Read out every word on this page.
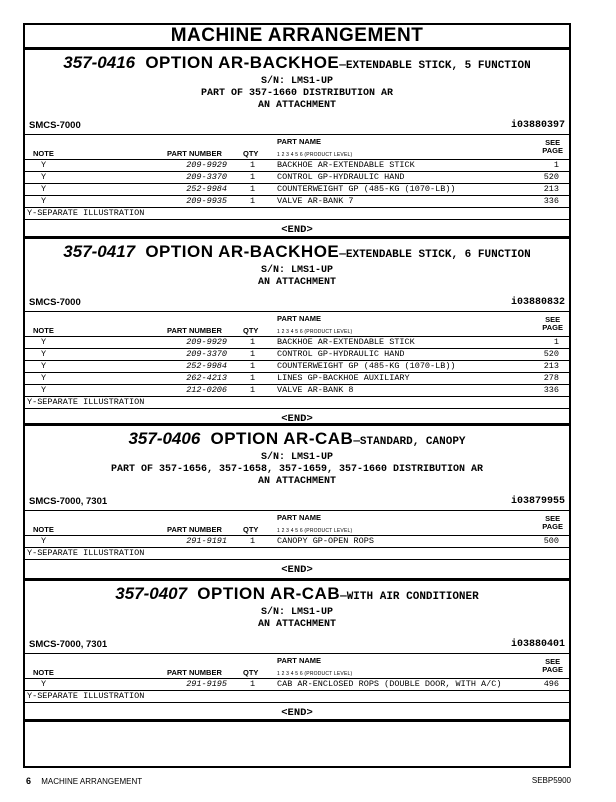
MACHINE ARRANGEMENT
357-0416 OPTION AR-BACKHOE—EXTENDABLE STICK, 5 FUNCTION
S/N: LMS1-UP
PART OF 357-1660 DISTRIBUTION AR
AN ATTACHMENT
SMCS-7000	i03880397
NOTE	PART NUMBER	QTY
PART NAME
1 2 3 4 5 6 (PRODUCT LEVEL)
SEE
PAGE
Y	209-9929	1	BACKHOE AR-EXTENDABLE STICK	1
Y	209-3370	1	CONTROL GP-HYDRAULIC HAND	520
Y	252-9984	1	COUNTERWEIGHT GP (485-KG (1070-LB))	213
Y	209-9935	1	VALVE AR-BANK 7	336
Y-SEPARATE ILLUSTRATION
<END>
357-0417 OPTION AR-BACKHOE—EXTENDABLE STICK, 6 FUNCTION
S/N: LMS1-UP
AN ATTACHMENT
SMCS-7000	i03880832
NOTE	PART NUMBER	QTY
PART NAME
1 2 3 4 5 6 (PRODUCT LEVEL)
SEE
PAGE
Y	209-9929	1	BACKHOE AR-EXTENDABLE STICK	1
Y	209-3370	1	CONTROL GP-HYDRAULIC HAND	520
Y	252-9984	1	COUNTERWEIGHT GP (485-KG (1070-LB))	213
Y	262-4213	1	LINES GP-BACKHOE AUXILIARY	278
Y	212-0206	1	VALVE AR-BANK 8	336
Y-SEPARATE ILLUSTRATION
<END>
357-0406 OPTION AR-CAB—STANDARD, CANOPY
S/N: LMS1-UP
PART OF 357-1656, 357-1658, 357-1659, 357-1660 DISTRIBUTION AR
AN ATTACHMENT
SMCS-7000, 7301	i03879955
NOTE	PART NUMBER	QTY
PART NAME
1 2 3 4 5 6 (PRODUCT LEVEL)
SEE
PAGE
Y	291-9191	1	CANOPY GP-OPEN ROPS	500
Y-SEPARATE ILLUSTRATION
<END>
357-0407 OPTION AR-CAB—WITH AIR CONDITIONER
S/N: LMS1-UP
AN ATTACHMENT
SMCS-7000, 7301	i03880401
NOTE	PART NUMBER	QTY
PART NAME
1 2 3 4 5 6 (PRODUCT LEVEL)
SEE
PAGE
Y	291-9195	1	CAB AR-ENCLOSED ROPS (DOUBLE DOOR, WITH A/C)	496
Y-SEPARATE ILLUSTRATION
<END>
6 MACHINE ARRANGEMENT	SEBP5900
